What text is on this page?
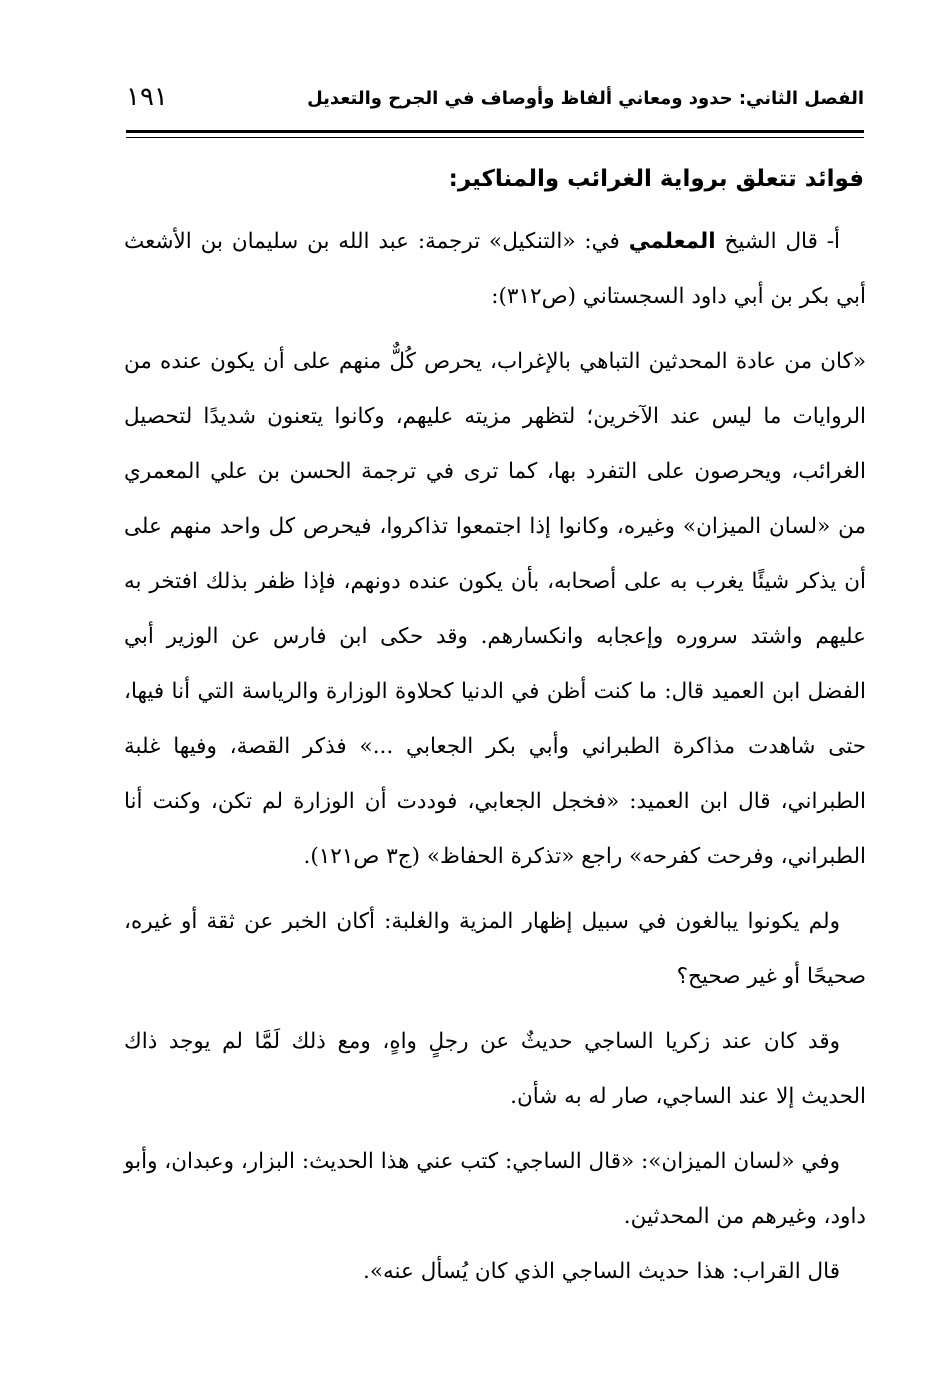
الفصل الثاني: حدود ومعاني ألفاظ وأوصاف في الجرح والتعديل
١٩١
فوائد تتعلق برواية الغرائب والمناكير:

أ- قال الشيخ المعلمي في: «التنكيل» ترجمة: عبد الله بن سليمان بن الأشعث أبي بكر بن أبي داود السجستاني (ص٣١٢):

«كان من عادة المحدثين التباهي بالإغراب، يحرص كُلٌّ منهم على أن يكون عنده من الروايات ما ليس عند الآخرين؛ لتظهر مزيته عليهم، وكانوا يتعنون شديدًا لتحصيل الغرائب، ويحرصون على التفرد بها، كما ترى في ترجمة الحسن بن علي المعمري من «لسان الميزان» وغيره، وكانوا إذا اجتمعوا تذاكروا، فيحرص كل واحد منهم على أن يذكر شيئًا يغرب به على أصحابه، بأن يكون عنده دونهم، فإذا ظفر بذلك افتخر به عليهم واشتد سروره وإعجابه وانكسارهم. وقد حكى ابن فارس عن الوزير أبي الفضل ابن العميد قال: ما كنت أظن في الدنيا كحلاوة الوزارة والرياسة التي أنا فيها، حتى شاهدت مذاكرة الطبراني وأبي بكر الجعابي ...» فذكر القصة، وفيها غلبة الطبراني، قال ابن العميد: «فخجل الجعابي، فوددت أن الوزارة لم تكن، وكنت أنا الطبراني، وفرحت كفرحه» راجع «تذكرة الحفاظ» (ج٣ ص١٢١).

ولم يكونوا يبالغون في سبيل إظهار المزية والغلبة: أكان الخبر عن ثقة أو غيره، صحيحًا أو غير صحيح؟

وقد كان عند زكريا الساجي حديثٌ عن رجلٍ واهٍ، ومع ذلك لَمَّا لم يوجد ذاك الحديث إلا عند الساجي، صار له به شأن.

وفي «لسان الميزان»: «قال الساجي: كتب عني هذا الحديث: البزار، وعبدان، وأبو داود، وغيرهم من المحدثين.

قال القراب: هذا حديث الساجي الذي كان يُسأل عنه».
